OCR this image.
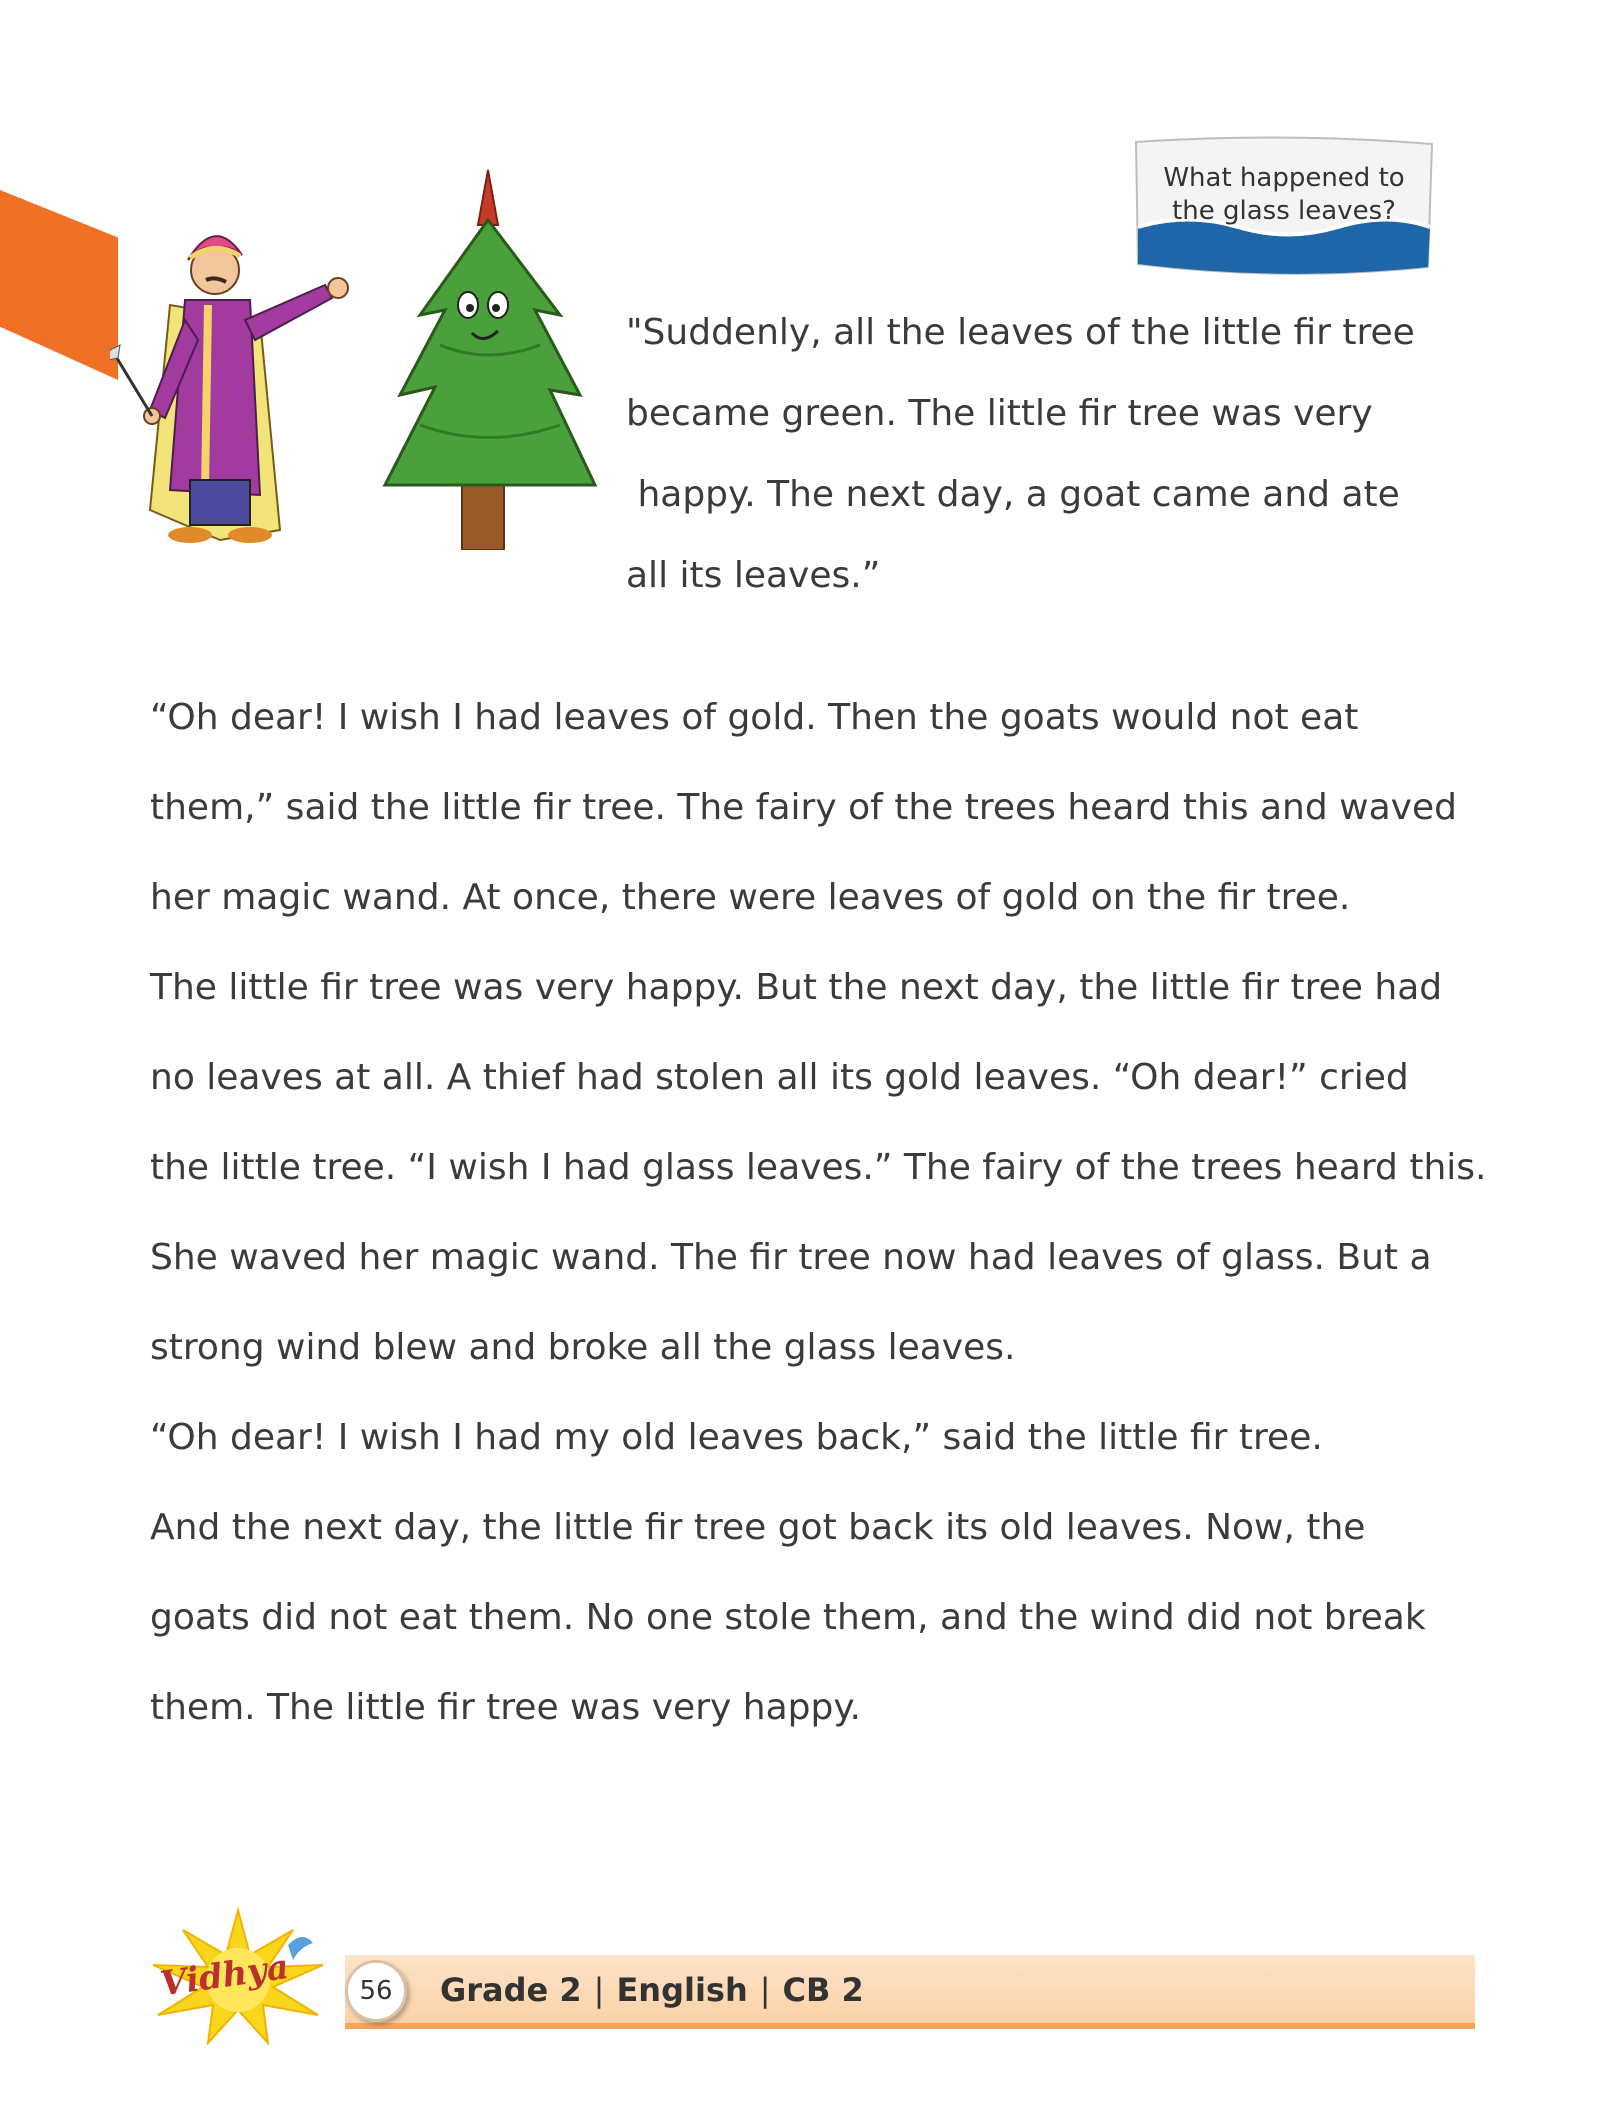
What happened to
the glass leaves?

"Suddenly, all the leaves of the little fir tree
became green. The little fir tree was very
happy. The next day, a goat came and ate
all its leaves.”

“Oh dear! I wish I had leaves of gold. Then the goats would not eat
them,” said the little fir tree. The fairy of the trees heard this and waved
her magic wand. At once, there were leaves of gold on the fir tree.
The little fir tree was very happy. But the next day, the little fir tree had
no leaves at all. A thief had stolen all its gold leaves. “Oh dear!” cried
the little tree. “I wish I had glass leaves.” The fairy of the trees heard this.
She waved her magic wand. The fir tree now had leaves of glass. But a
strong wind blew and broke all the glass leaves.
“Oh dear! I wish I had my old leaves back,” said the little fir tree.
And the next day, the little fir tree got back its old leaves. Now, the
goats did not eat them. No one stole them, and the wind did not break
them. The little fir tree was very happy.
Vidhya	56	Grade 2 | English | CB 2
